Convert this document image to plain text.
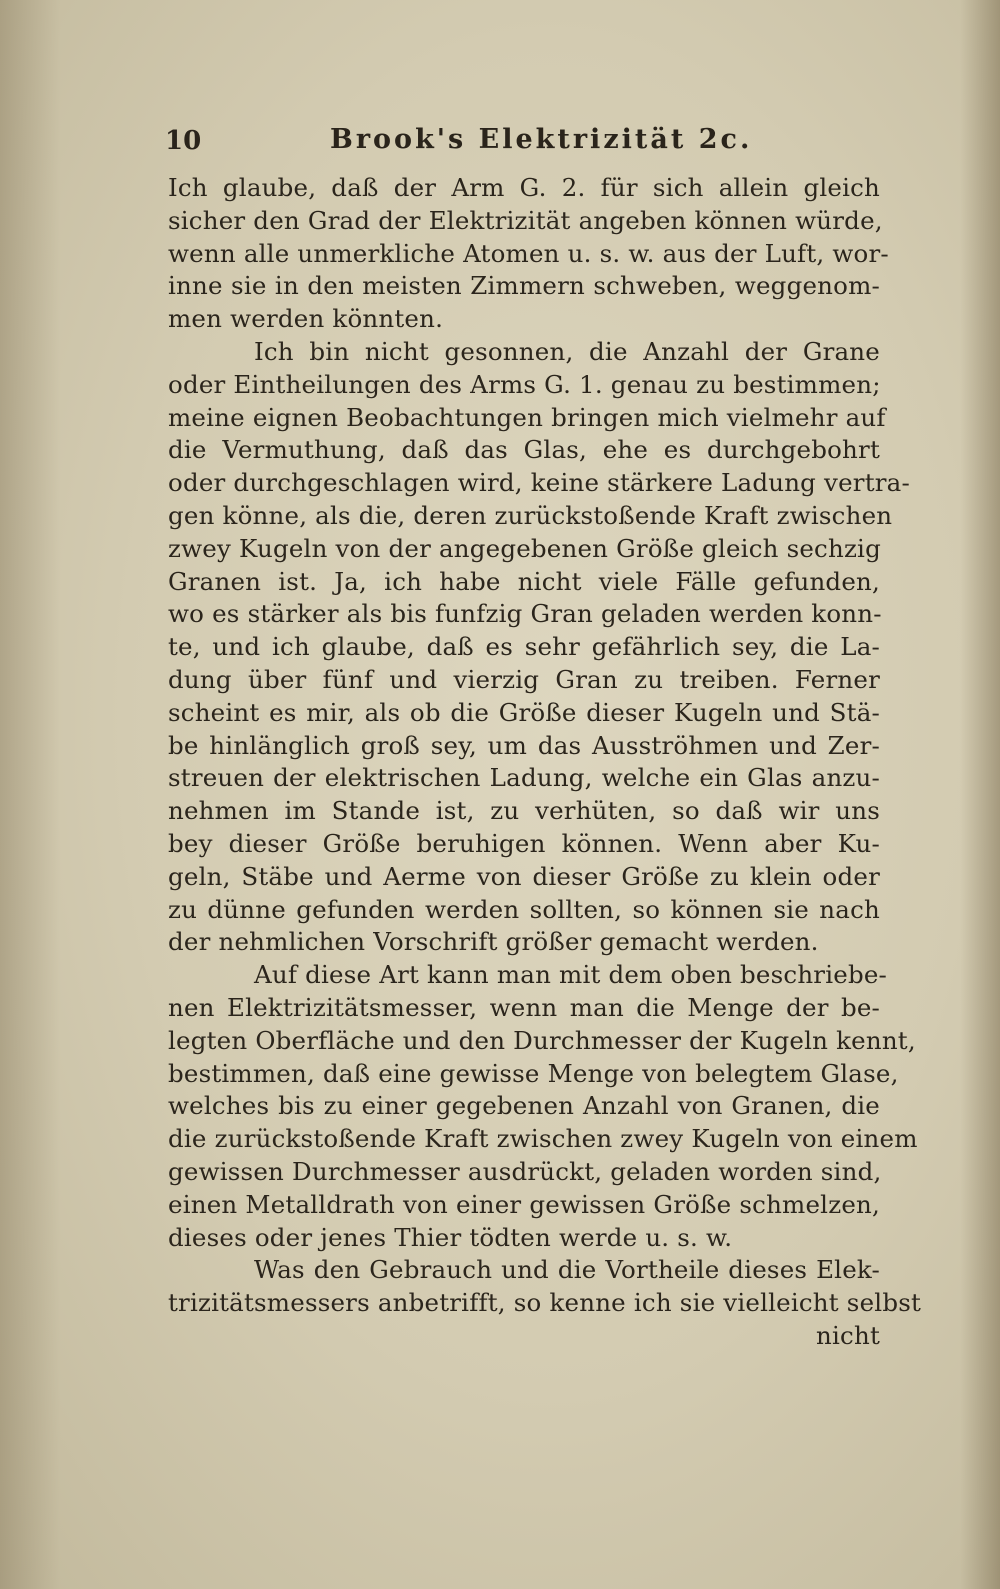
10	Brook's Elektrizität 2c.
Ich glaube, daß der Arm G. 2. für sich allein gleich
sicher den Grad der Elektrizität angeben können würde,
wenn alle unmerkliche Atomen u. s. w. aus der Luft, wor-
inne sie in den meisten Zimmern schweben, weggenom-
men werden könnten.
Ich bin nicht gesonnen, die Anzahl der Grane
oder Eintheilungen des Arms G. 1. genau zu bestimmen;
meine eignen Beobachtungen bringen mich vielmehr auf
die Vermuthung, daß das Glas, ehe es durchgebohrt
oder durchgeschlagen wird, keine stärkere Ladung vertra-
gen könne, als die, deren zurückstoßende Kraft zwischen
zwey Kugeln von der angegebenen Größe gleich sechzig
Granen ist. Ja, ich habe nicht viele Fälle gefunden,
wo es stärker als bis funfzig Gran geladen werden konn-
te, und ich glaube, daß es sehr gefährlich sey, die La-
dung über fünf und vierzig Gran zu treiben. Ferner
scheint es mir, als ob die Größe dieser Kugeln und Stä-
be hinlänglich groß sey, um das Ausströhmen und Zer-
streuen der elektrischen Ladung, welche ein Glas anzu-
nehmen im Stande ist, zu verhüten, so daß wir uns
bey dieser Größe beruhigen können. Wenn aber Ku-
geln, Stäbe und Aerme von dieser Größe zu klein oder
zu dünne gefunden werden sollten, so können sie nach
der nehmlichen Vorschrift größer gemacht werden.
Auf diese Art kann man mit dem oben beschriebe-
nen Elektrizitätsmesser, wenn man die Menge der be-
legten Oberfläche und den Durchmesser der Kugeln kennt,
bestimmen, daß eine gewisse Menge von belegtem Glase,
welches bis zu einer gegebenen Anzahl von Granen, die
die zurückstoßende Kraft zwischen zwey Kugeln von einem
gewissen Durchmesser ausdrückt, geladen worden sind,
einen Metalldrath von einer gewissen Größe schmelzen,
dieses oder jenes Thier tödten werde u. s. w.
Was den Gebrauch und die Vortheile dieses Elek-
trizitätsmessers anbetrifft, so kenne ich sie vielleicht selbst
nicht
